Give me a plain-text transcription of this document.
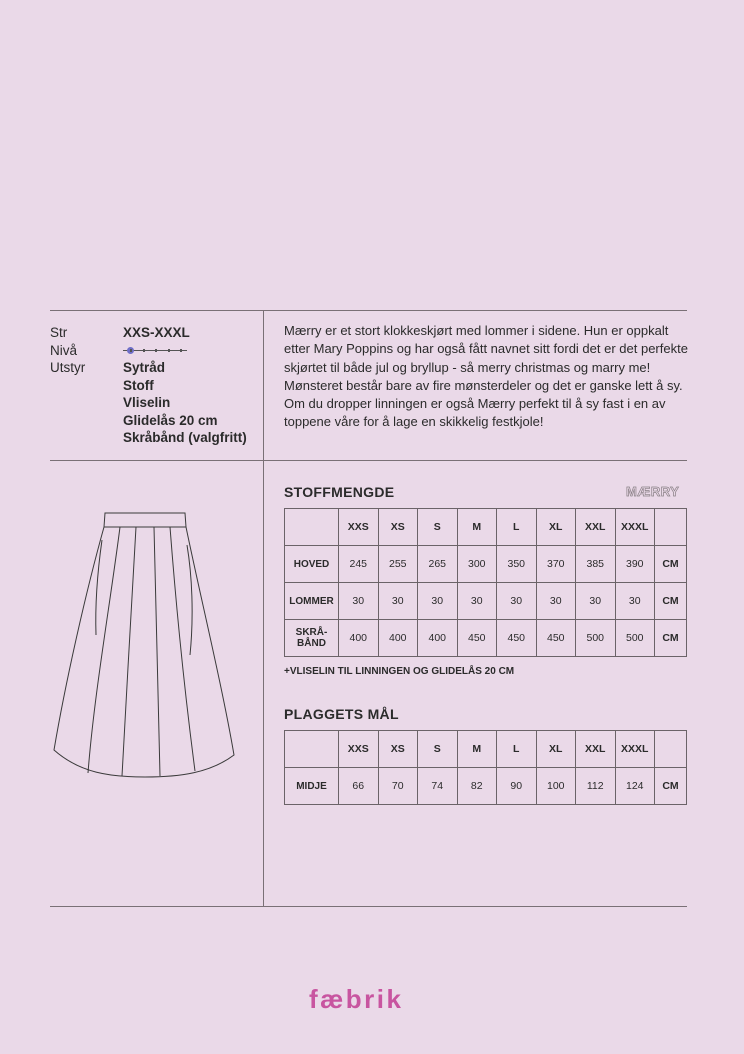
Str	XXS-XXXL
Nivå
Utstyr	Sytråd
Stoff
Vliselin
Glidelås 20 cm
Skråbånd (valgfritt)
Mærry er et stort klokkeskjørt med lommer i sidene. Hun er oppkalt etter Mary Poppins og har også fått navnet sitt fordi det er det perfekte skjørtet til både jul og bryllup - så merry christmas og marry me! Mønsteret består bare av fire mønsterdeler og det er ganske lett å sy. Om du dropper linningen er også Mærry perfekt til å sy fast i en av toppene våre for å lage en skikkelig festkjole!
STOFFMENGDE	MÆRRY
	XXS	XS	S	M	L	XL	XXL	XXXL	
HOVED	245	255	265	300	350	370	385	390	CM
LOMMER	30	30	30	30	30	30	30	30	CM

SKRÅ-
BÅND	400	400	400	450	450	450	500	500	CM
+VLISELIN TIL LINNINGEN OG GLIDELÅS 20 CM
PLAGGETS MÅL
	XXS	XS	S	M	L	XL	XXL	XXXL	
MIDJE	66	70	74	82	90	100	112	124	CM
fæbrik
